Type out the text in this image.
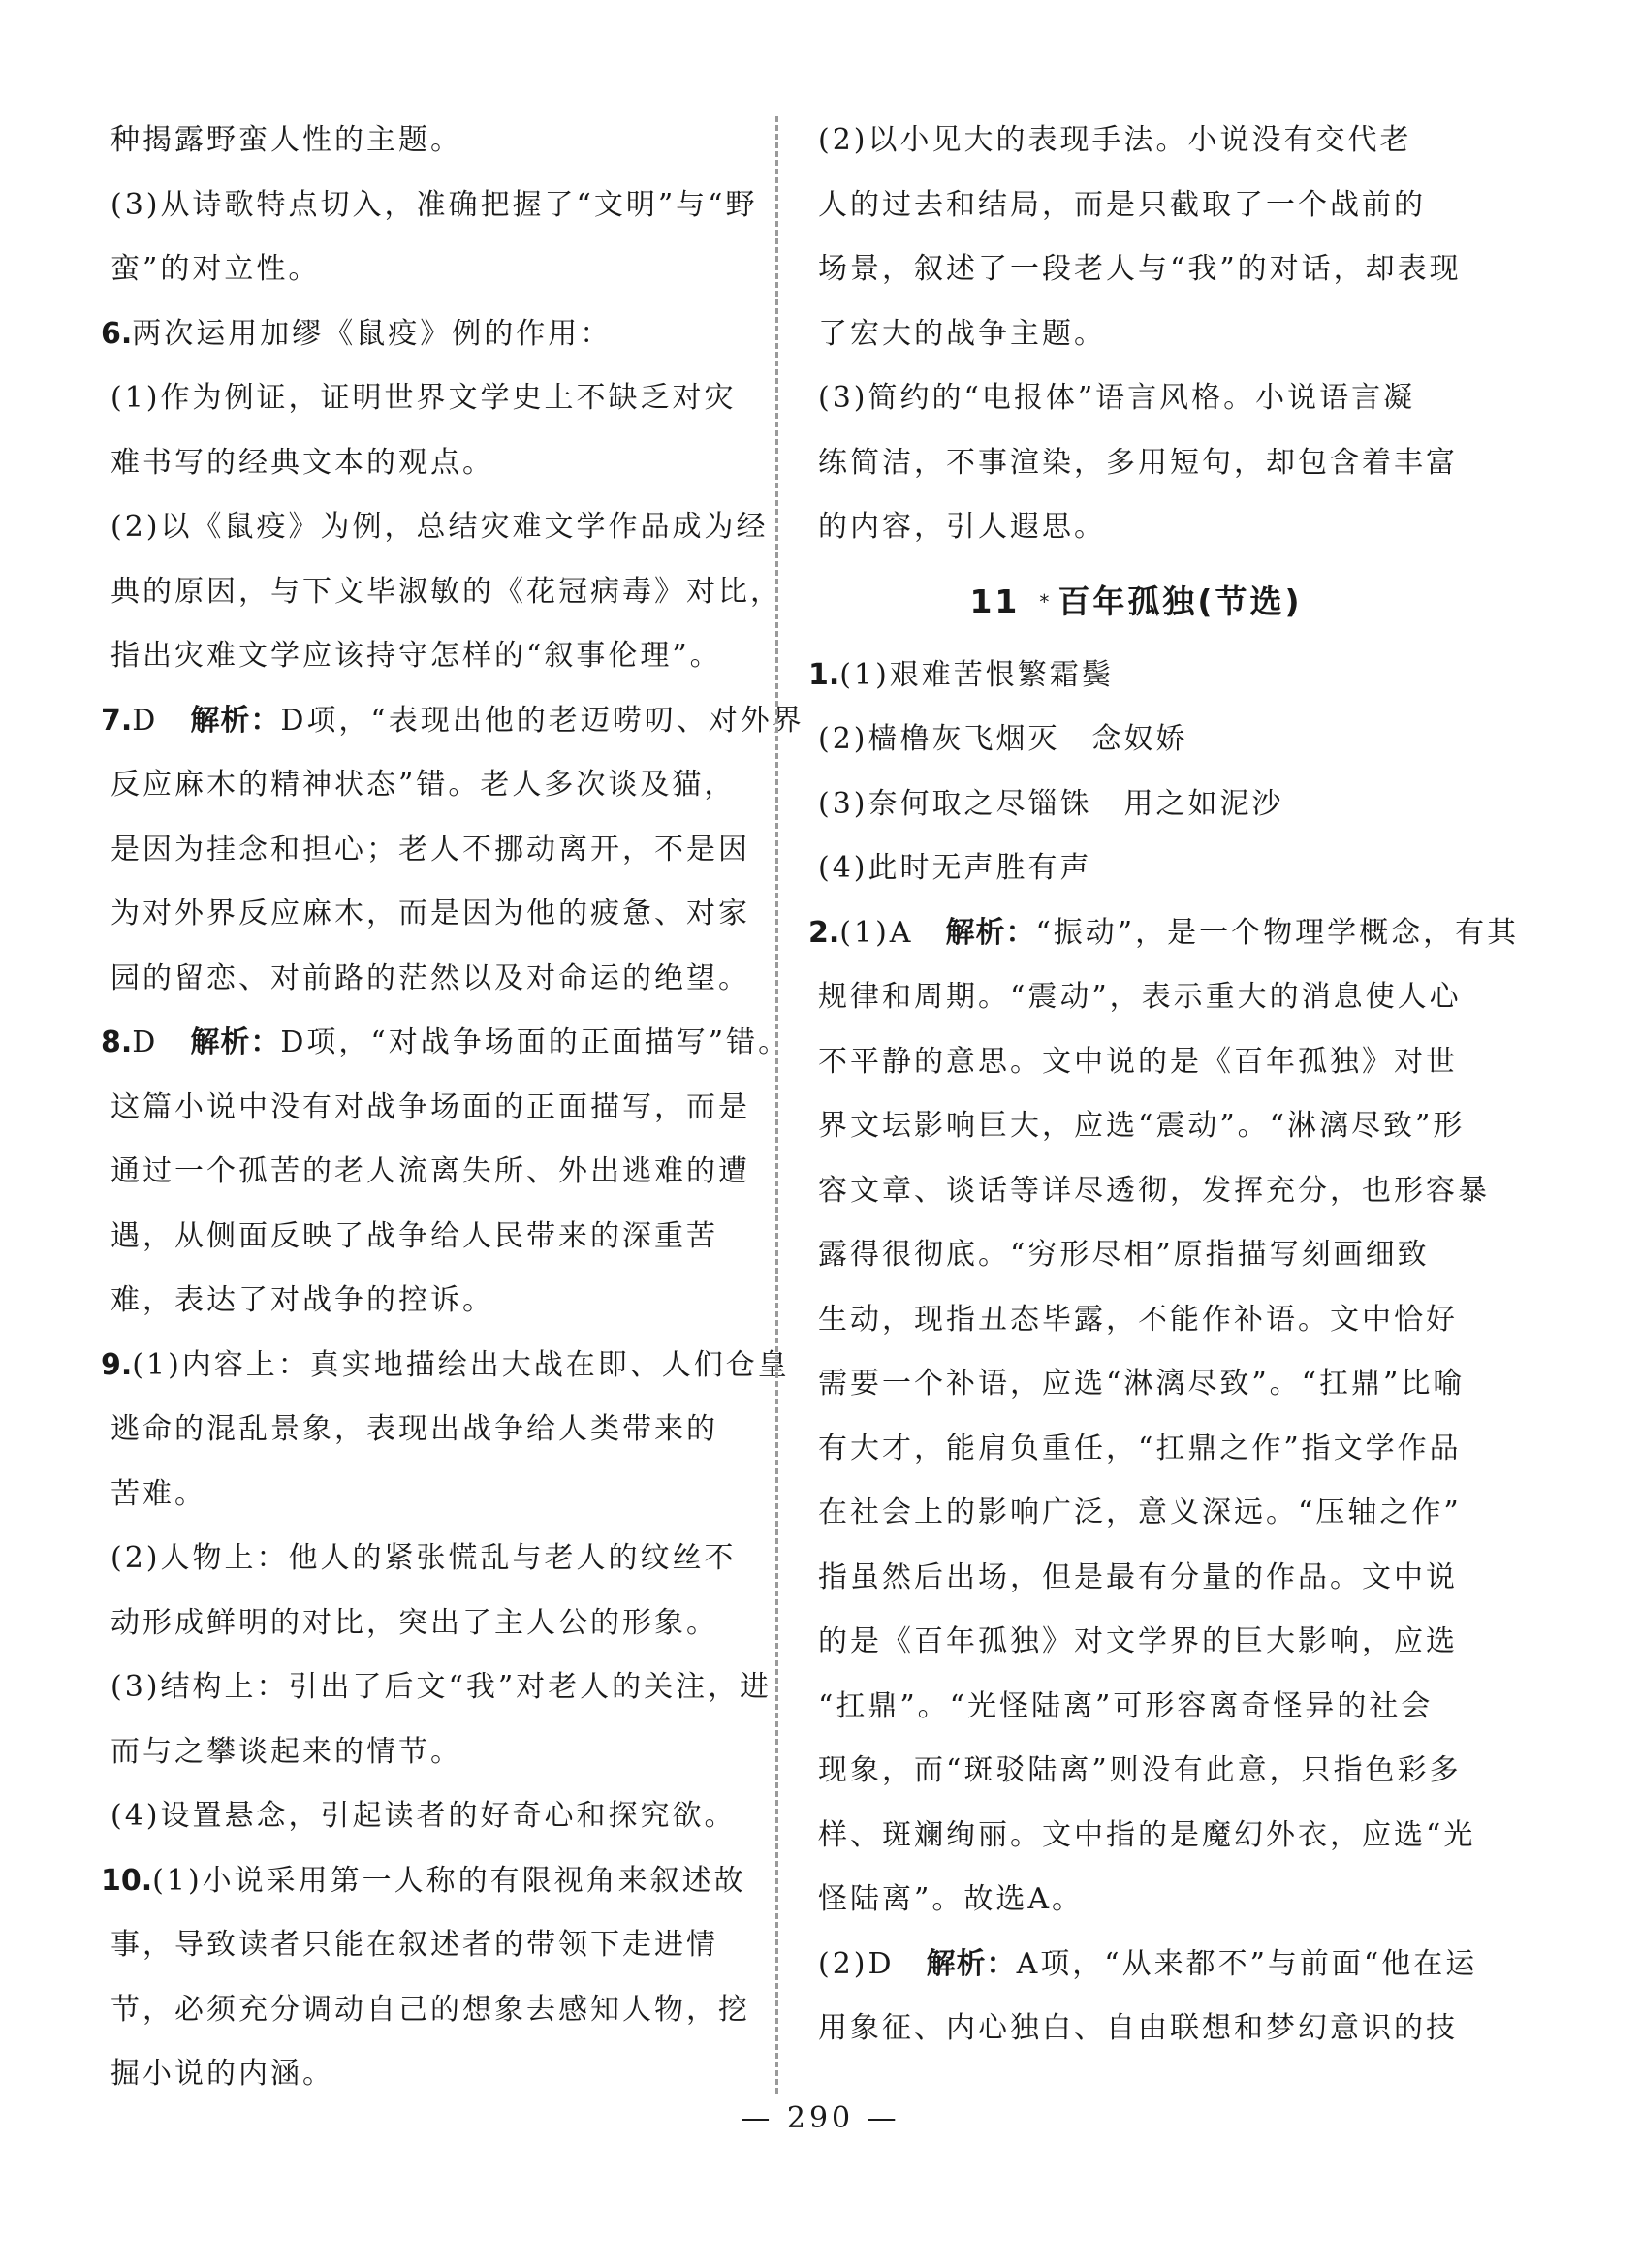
种揭露野蛮人性的主题。
(3)从诗歌特点切入，准确把握了“文明”与“野
蛮”的对立性。
6.两次运用加缪《鼠疫》例的作用：
(1)作为例证，证明世界文学史上不缺乏对灾
难书写的经典文本的观点。
(2)以《鼠疫》为例，总结灾难文学作品成为经
典的原因，与下文毕淑敏的《花冠病毒》对比，
指出灾难文学应该持守怎样的“叙事伦理”。
7.D　 解析：D项，“表现出他的老迈唠叨、对外界
反应麻木的精神状态”错。老人多次谈及猫，
是因为挂念和担心；老人不挪动离开，不是因
为对外界反应麻木，而是因为他的疲惫、对家
园的留恋、对前路的茫然以及对命运的绝望。
8.D　 解析：D项，“对战争场面的正面描写”错。
这篇小说中没有对战争场面的正面描写，而是
通过一个孤苦的老人流离失所、外出逃难的遭
遇，从侧面反映了战争给人民带来的深重苦
难，表达了对战争的控诉。
9.(1)内容上：真实地描绘出大战在即、人们仓皇
逃命的混乱景象，表现出战争给人类带来的
苦难。
(2)人物上：他人的紧张慌乱与老人的纹丝不
动形成鲜明的对比，突出了主人公的形象。
(3)结构上：引出了后文“我”对老人的关注，进
而与之攀谈起来的情节。
(4)设置悬念，引起读者的好奇心和探究欲。
10.(1)小说采用第一人称的有限视角来叙述故
事，导致读者只能在叙述者的带领下走进情
节，必须充分调动自己的想象去感知人物，挖
掘小说的内涵。
(2)以小见大的表现手法。小说没有交代老
人的过去和结局，而是只截取了一个战前的
场景，叙述了一段老人与“我”的对话，却表现
了宏大的战争主题。
(3)简约的“电报体”语言风格。小说语言凝
练简洁，不事渲染，多用短句，却包含着丰富
的内容，引人遐思。
11 * 百年孤独(节选)
1.(1)艰难苦恨繁霜鬓
(2)樯橹灰飞烟灭　念奴娇
(3)奈何取之尽锱铢　用之如泥沙
(4)此时无声胜有声
2.(1)A　 解析：“振动”，是一个物理学概念，有其
规律和周期。“震动”，表示重大的消息使人心
不平静的意思。文中说的是《百年孤独》对世
界文坛影响巨大，应选“震动”。“淋漓尽致”形
容文章、谈话等详尽透彻，发挥充分，也形容暴
露得很彻底。“穷形尽相”原指描写刻画细致
生动，现指丑态毕露，不能作补语。文中恰好
需要一个补语，应选“淋漓尽致”。“扛鼎”比喻
有大才，能肩负重任，“扛鼎之作”指文学作品
在社会上的影响广泛，意义深远。“压轴之作”
指虽然后出场，但是最有分量的作品。文中说
的是《百年孤独》对文学界的巨大影响，应选
“扛鼎”。“光怪陆离”可形容离奇怪异的社会
现象，而“斑驳陆离”则没有此意，只指色彩多
样、斑斓绚丽。文中指的是魔幻外衣，应选“光
怪陆离”。故选A。
(2)D　 解析：A项，“从来都不”与前面“他在运
用象征、内心独白、自由联想和梦幻意识的技
— 290 —
